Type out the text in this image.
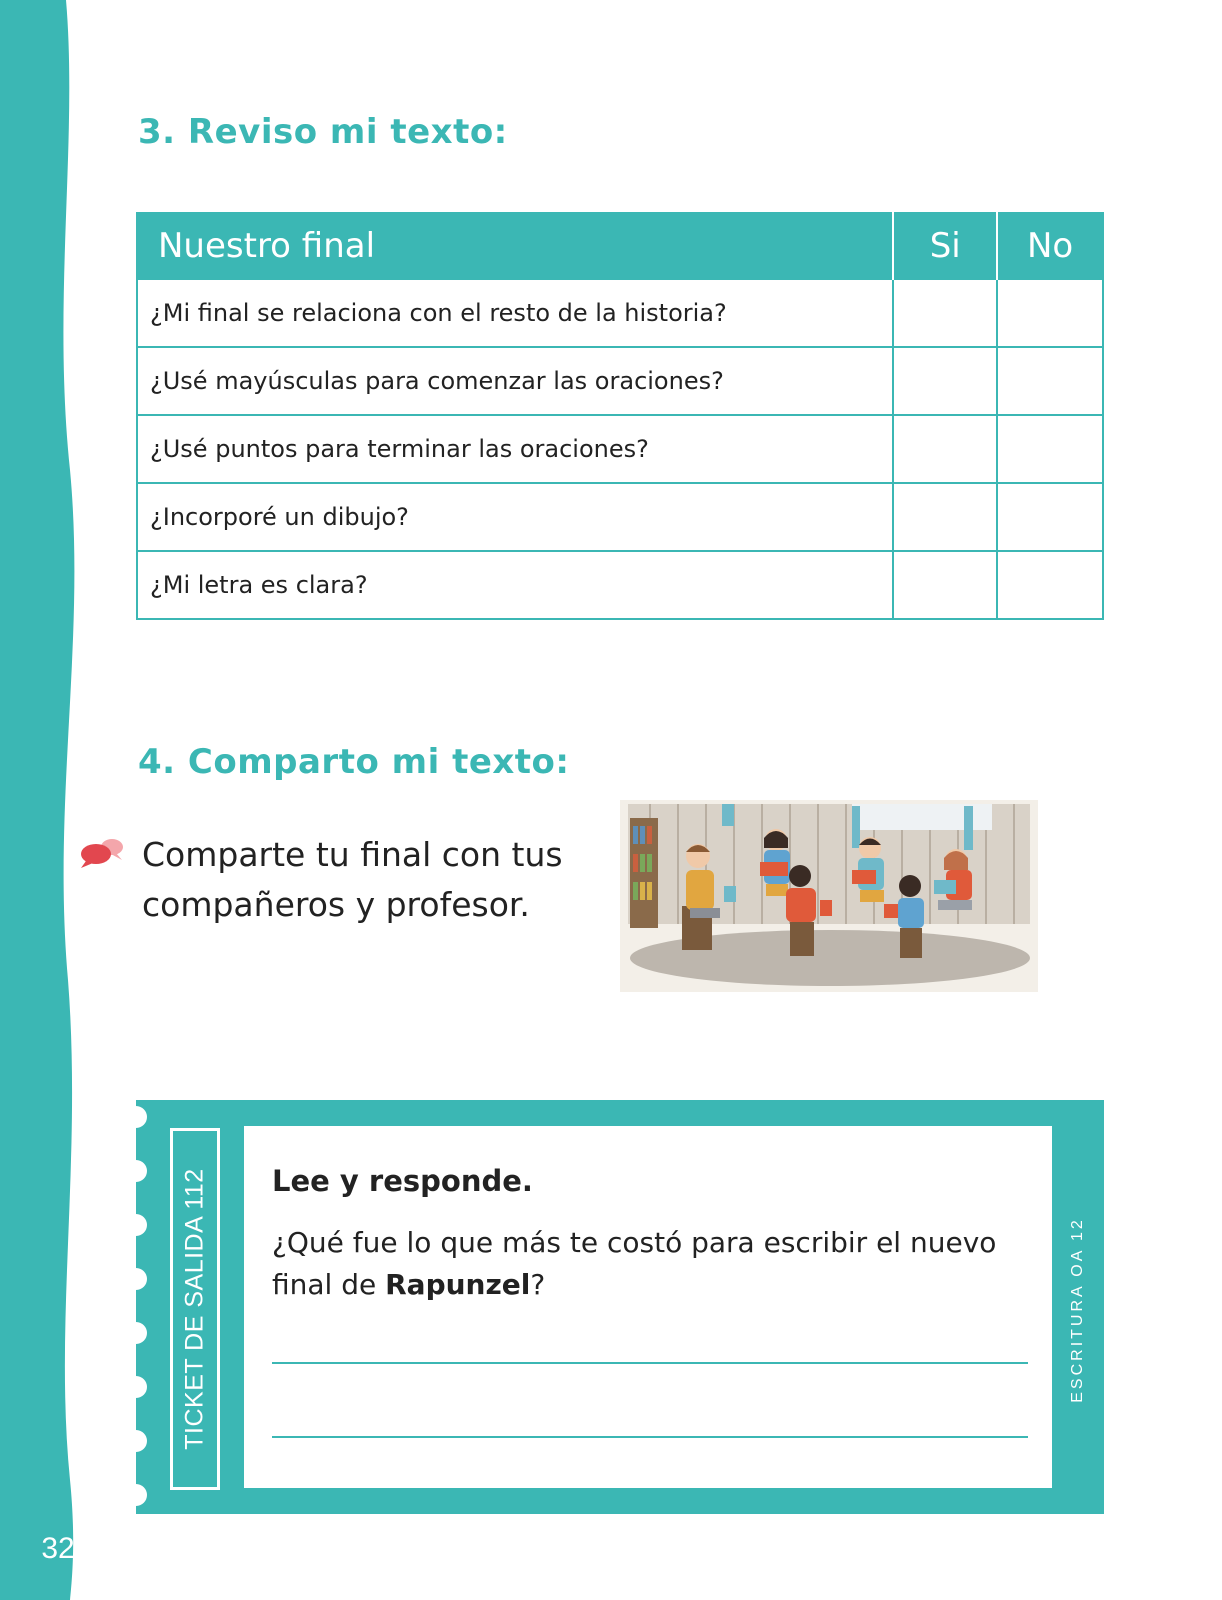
32
3. Reviso mi texto:
Nuestro final	Si	No
¿Mi final se relaciona con el resto de la historia?		
¿Usé mayúsculas para comenzar las oraciones?		
¿Usé puntos para terminar las oraciones?		
¿Incorporé un dibujo?		
¿Mi letra es clara?		
4. Comparto mi texto:
Comparte tu final con tus
compañeros y profesor.
TICKET DE SALIDA 112 Lee y responde.
¿Qué fue lo que más te costó para escribir el nuevo final de Rapunzel?	ESCRITURA OA 12
